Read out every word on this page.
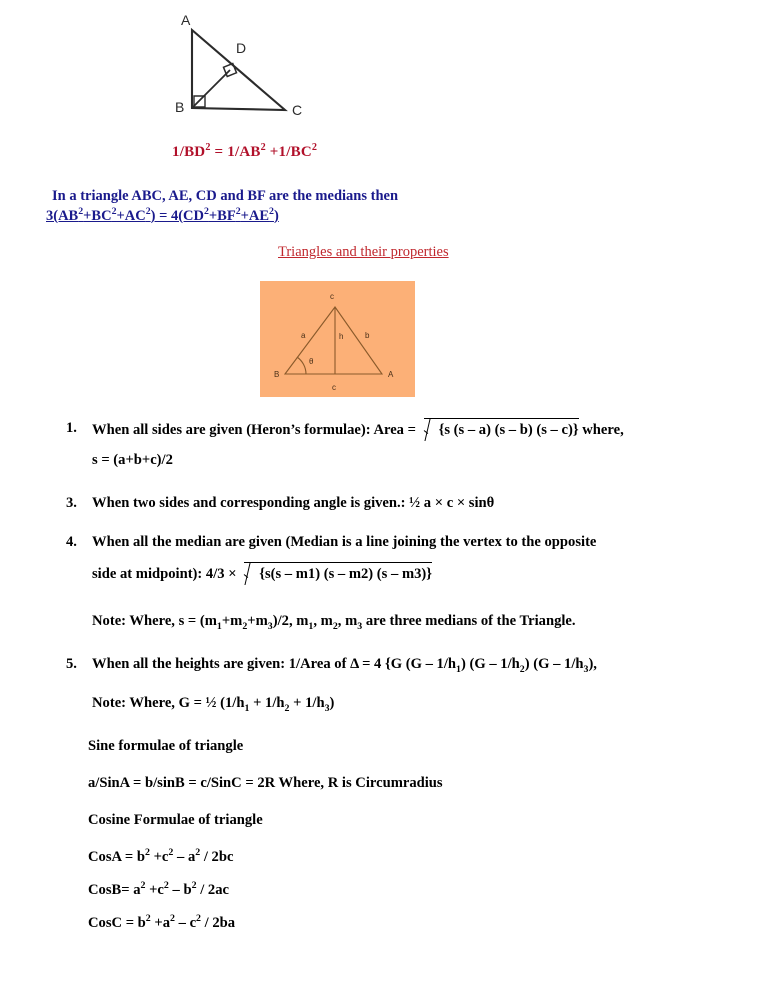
A
D
B	C
$1/BD^2 = 1/AB^2 +1/BC^2$
In a triangle ABC, AE, CD and BF are the medians then
$3(AB^2+BC^2+AC^2) = 4(CD^2+BF^2+AE^2)$
Triangles and their properties
c
B	A
a	b
h
c
θ
1. When all sides are given (Heron’s formulae): Area = {s (s – a) (s – b) (s – c)} where,
s = (a+b+c)/2
3. When two sides and corresponding angle is given.: ½ a × c × sinθ
4. When all the median are given (Median is a line joining the vertex to the opposite
side at midpoint): 4/3 × {s(s – m1) (s – m2) (s – m3)}
Note: Where, $s = (m_1+m_2+m_3)/2$, $m_1$, $m_2$, $m_3$ are three medians of the Triangle.
5. When all the heights are given: 1/Area of Δ = 4 {G $(G - 1/h_1)$ $(G - 1/h_2)$ $(G - 1/h_3)$,
Note: Where, G = ½ $(1/h_1 + 1/h_2 + 1/h_3)$
Sine formulae of triangle
a/SinA = b/sinB = c/SinC = 2R Where, R is Circumradius
Cosine Formulae of triangle
CosA = $b^2 +c^2 - a^2 / 2bc$
CosB= $a^2 +c^2 - b^2 / 2ac$
CosC = $b^2 +a^2 - c^2 / 2ba$
